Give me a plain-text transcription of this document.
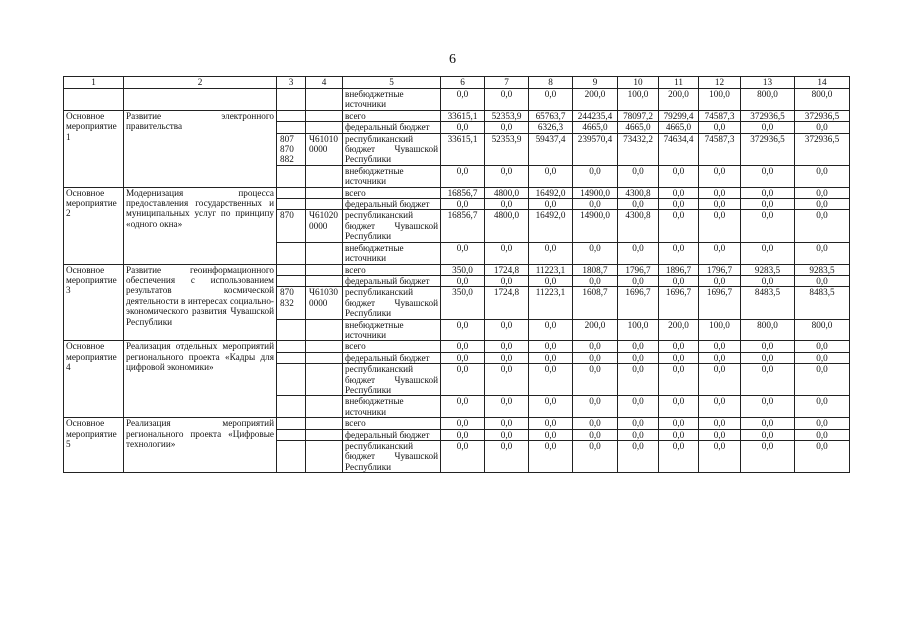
6
1	2	3	4	5	6	7	8	9	10	11	12	13	14
				внебюджетные источники	0,0	0,0	0,0	200,0	100,0	200,0	100,0	800,0	800,0
Основное мероприятие 1	Развитие электронного правительства			всего	33615,1	52353,9	65763,7	244235,4	78097,2	79299,4	74587,3	372936,5	372936,5
				федеральный бюджет	0,0	0,0	6326,3	4665,0	4665,0	4665,0	0,0	0,0	0,0
		807
870
882	Ч61010
0000	республиканский бюджет Чувашской Республики	33615,1	52353,9	59437,4	239570,4	73432,2	74634,4	74587,3	372936,5	372936,5
				внебюджетные источники	0,0	0,0	0,0	0,0	0,0	0,0	0,0	0,0	0,0
Основное мероприятие 2	Модернизация процесса предоставления государственных и муниципальных услуг по принципу «одного окна»			всего	16856,7	4800,0	16492,0	14900,0	4300,8	0,0	0,0	0,0	0,0
				федеральный бюджет	0,0	0,0	0,0	0,0	0,0	0,0	0,0	0,0	0,0
		870	Ч61020
0000	республиканский бюджет Чувашской Республики	16856,7	4800,0	16492,0	14900,0	4300,8	0,0	0,0	0,0	0,0
				внебюджетные источники	0,0	0,0	0,0	0,0	0,0	0,0	0,0	0,0	0,0
Основное мероприятие 3	Развитие геоинформационного обеспечения с использованием результатов космической деятельности в интересах социально-экономического развития Чувашской Республики			всего	350,0	1724,8	11223,1	1808,7	1796,7	1896,7	1796,7	9283,5	9283,5
				федеральный бюджет	0,0	0,0	0,0	0,0	0,0	0,0	0,0	0,0	0,0
		870
832	Ч61030
0000	республиканский бюджет Чувашской Республики	350,0	1724,8	11223,1	1608,7	1696,7	1696,7	1696,7	8483,5	8483,5
				внебюджетные источники	0,0	0,0	0,0	200,0	100,0	200,0	100,0	800,0	800,0
Основное мероприятие 4	Реализация отдельных мероприятий регионального проекта «Кадры для цифровой экономики»			всего	0,0	0,0	0,0	0,0	0,0	0,0	0,0	0,0	0,0
				федеральный бюджет	0,0	0,0	0,0	0,0	0,0	0,0	0,0	0,0	0,0
				республиканский бюджет Чувашской Республики	0,0	0,0	0,0	0,0	0,0	0,0	0,0	0,0	0,0
				внебюджетные источники	0,0	0,0	0,0	0,0	0,0	0,0	0,0	0,0	0,0
Основное мероприятие 5	Реализация мероприятий регионального проекта «Цифровые технологии»			всего	0,0	0,0	0,0	0,0	0,0	0,0	0,0	0,0	0,0
				федеральный бюджет	0,0	0,0	0,0	0,0	0,0	0,0	0,0	0,0	0,0
				республиканский бюджет Чувашской Республики	0,0	0,0	0,0	0,0	0,0	0,0	0,0	0,0	0,0
